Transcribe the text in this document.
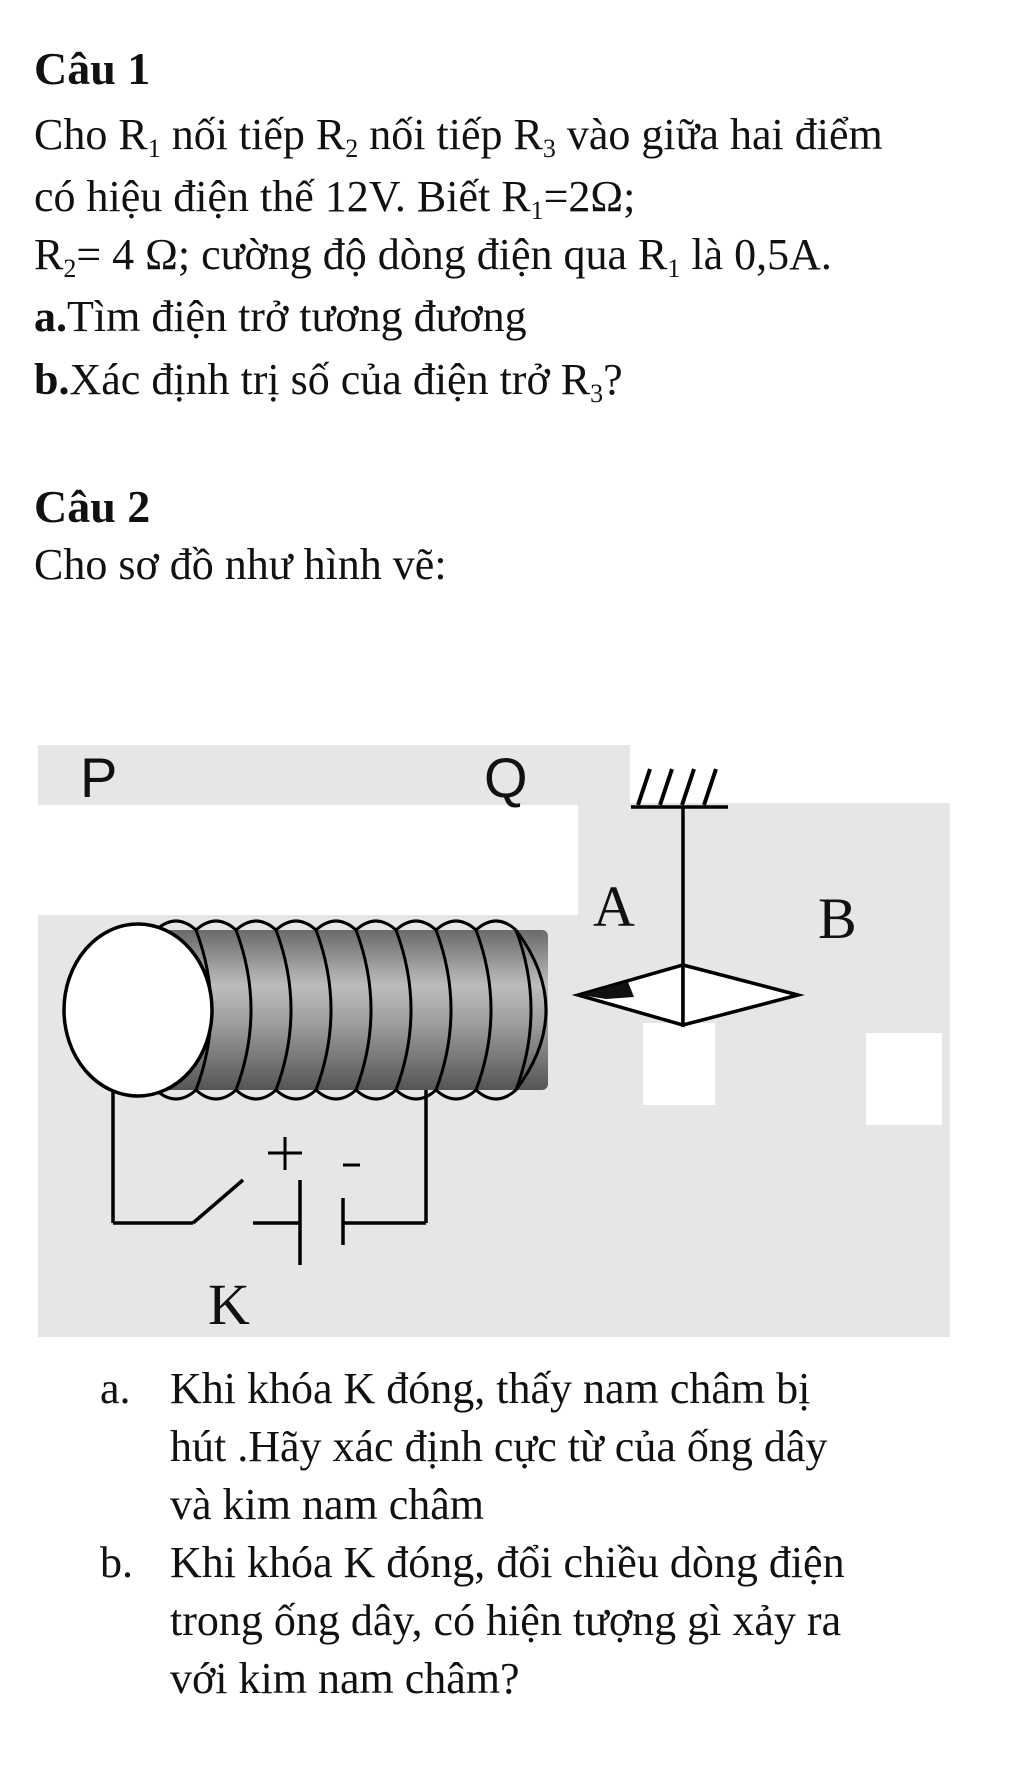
Câu 1
Cho $R_1$ nối tiếp $R_2$ nối tiếp $R_3$ vào giữa hai điểm
có hiệu điện thế 12V. Biết $R_1=2\Omega$;
$R_2= 4$ Ω; cường độ dòng điện qua $R_1$ là 0,5A.
a.Tìm điện trở tương đương
b.Xác định trị số của điện trở $R_3$?
Câu 2
Cho sơ đồ như hình vẽ:
P	Q
A	B
K
a. Khi khóa K đóng, thấy nam châm bị
hút .Hãy xác định cực từ của ống dây
và kim nam châm
b. Khi khóa K đóng, đổi chiều dòng điện
trong ống dây, có hiện tượng gì xảy ra
với kim nam châm?
